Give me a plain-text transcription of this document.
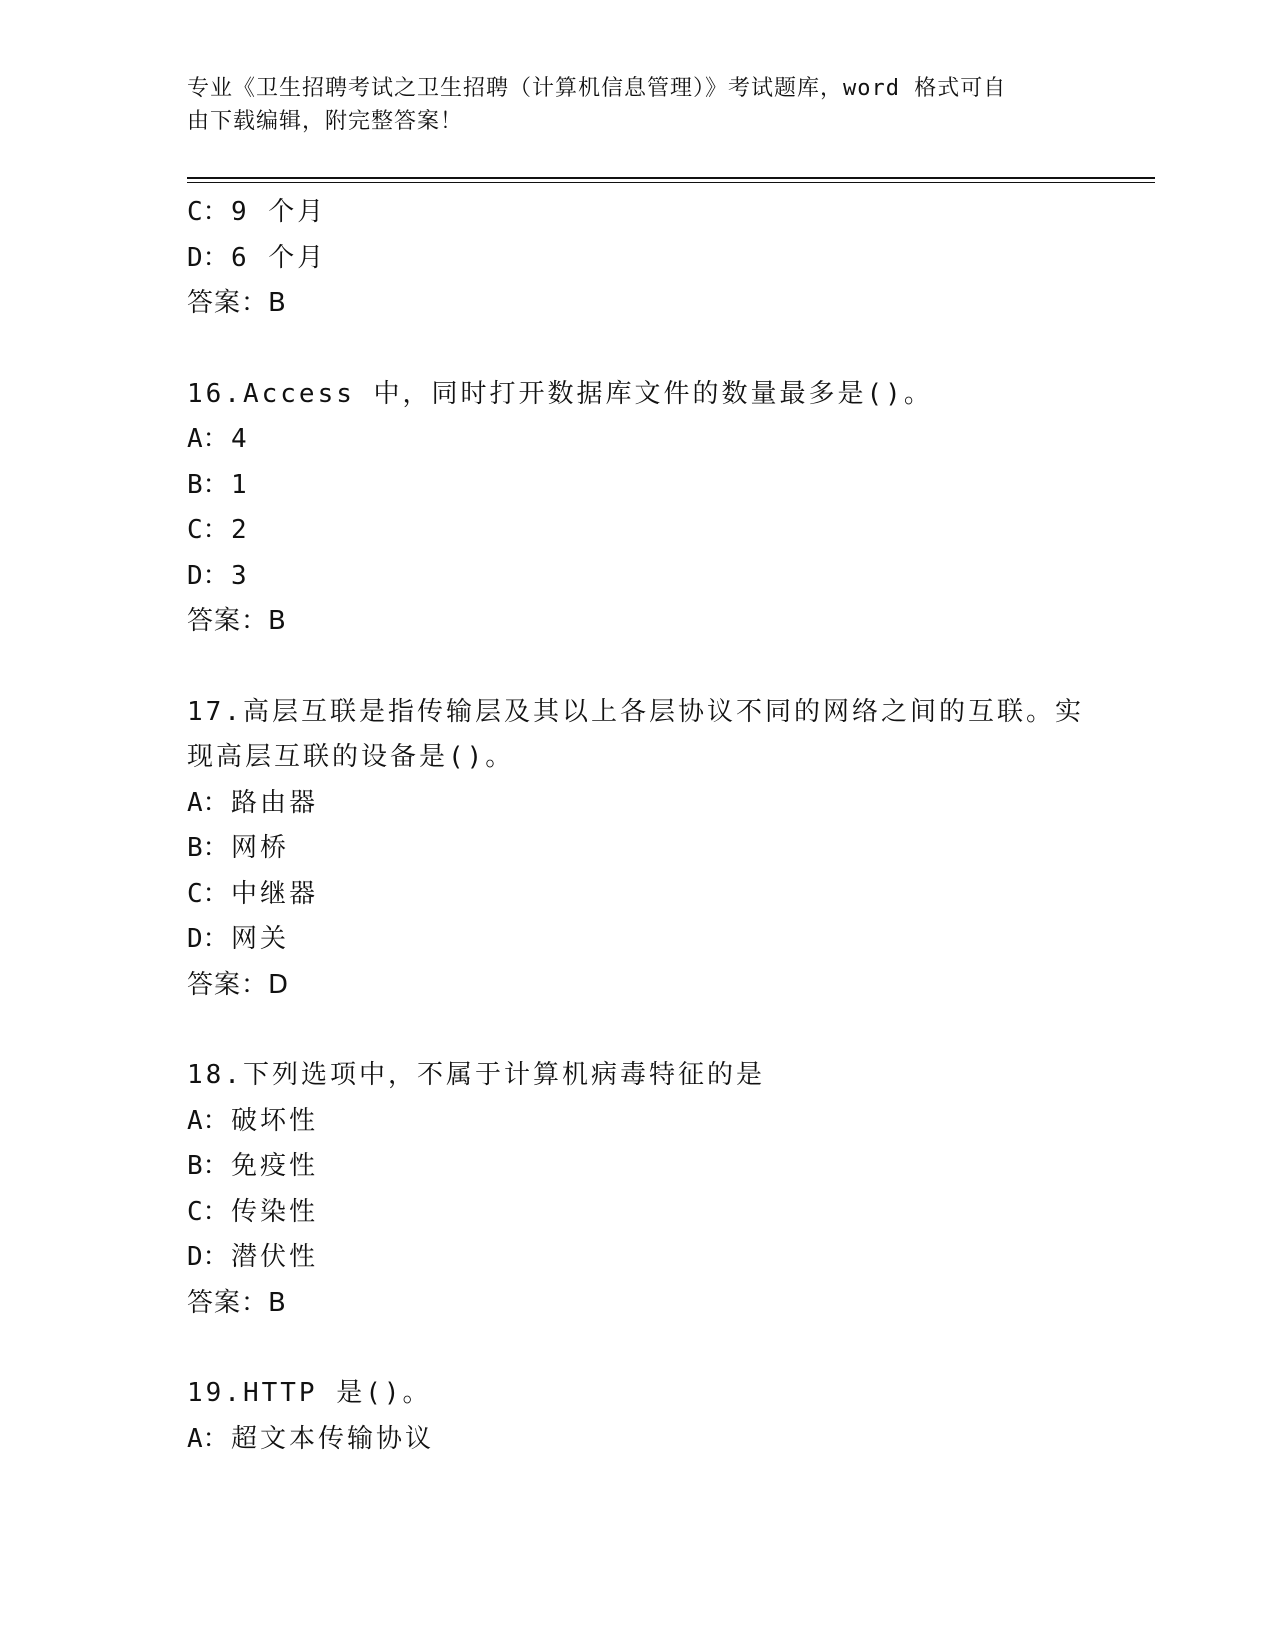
专业《卫生招聘考试之卫生招聘（计算机信息管理）》考试题库，word 格式可自
由下载编辑，附完整答案！
C：9 个月
D：6 个月
答案：B
16.Access 中，同时打开数据库文件的数量最多是()。
A：4
B：1
C：2
D：3
答案：B
17.高层互联是指传输层及其以上各层协议不同的网络之间的互联。实
现高层互联的设备是()。
A：路由器
B：网桥
C：中继器
D：网关
答案：D
18.下列选项中，不属于计算机病毒特征的是
A：破坏性
B：免疫性
C：传染性
D：潜伏性
答案：B
19.HTTP 是()。
A：超文本传输协议
